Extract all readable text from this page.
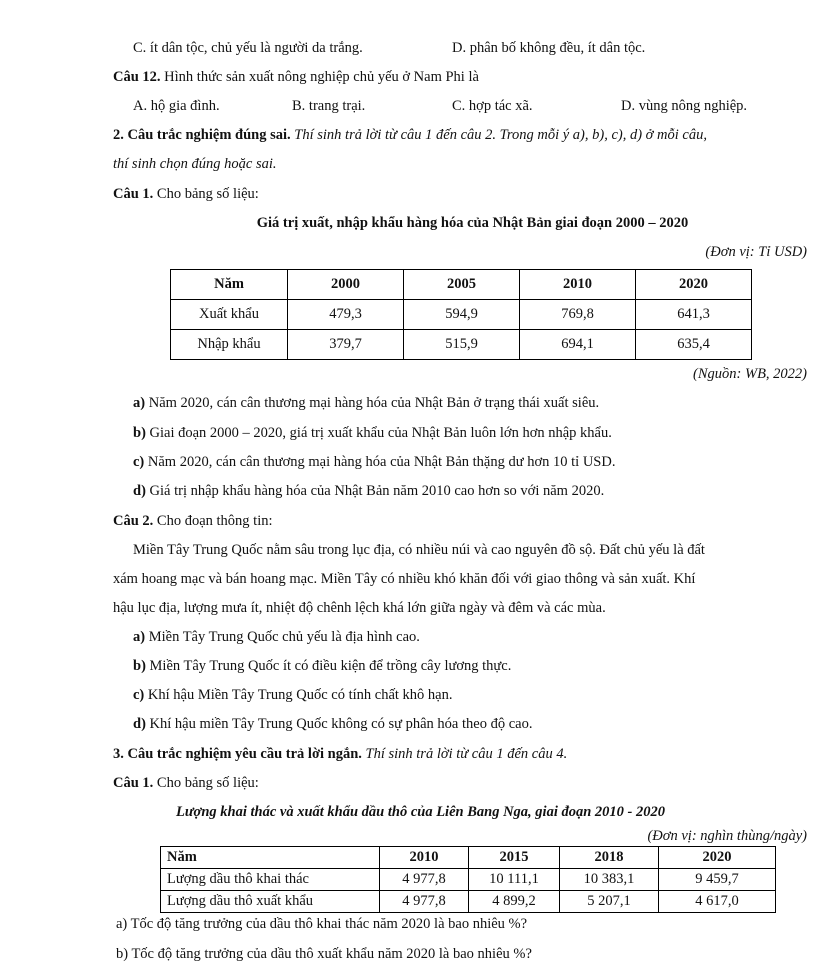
C. ít dân tộc, chủ yếu là người da trắng.	D. phân bố không đều, ít dân tộc.
Câu 12. Hình thức sản xuất nông nghiệp chủ yếu ở Nam Phi là
A. hộ gia đình.	B. trang trại.	C. hợp tác xã.	D. vùng nông nghiệp.
2. Câu trắc nghiệm đúng sai. Thí sinh trả lời từ câu 1 đến câu 2. Trong mỗi ý a), b), c), d) ở mỗi câu,
thí sinh chọn đúng hoặc sai.
Câu 1. Cho bảng số liệu:
Giá trị xuất, nhập khẩu hàng hóa của Nhật Bản giai đoạn 2000 – 2020
(Đơn vị: Tỉ USD)
Năm	2000	2005	2010	2020
Xuất khẩu	479,3	594,9	769,8	641,3
Nhập khẩu	379,7	515,9	694,1	635,4
(Nguồn: WB, 2022)
a) Năm 2020, cán cân thương mại hàng hóa của Nhật Bản ở trạng thái xuất siêu.
b) Giai đoạn 2000 – 2020, giá trị xuất khẩu của Nhật Bản luôn lớn hơn nhập khẩu.
c) Năm 2020, cán cân thương mại hàng hóa của Nhật Bản thặng dư hơn 10 tỉ USD.
d) Giá trị nhập khẩu hàng hóa của Nhật Bản năm 2010 cao hơn so với năm 2020.
Câu 2. Cho đoạn thông tin:
Miền Tây Trung Quốc nằm sâu trong lục địa, có nhiều núi và cao nguyên đồ sộ. Đất chủ yếu là đất
xám hoang mạc và bán hoang mạc. Miền Tây có nhiều khó khăn đối với giao thông và sản xuất. Khí
hậu lục địa, lượng mưa ít, nhiệt độ chênh lệch khá lớn giữa ngày và đêm và các mùa.
a) Miền Tây Trung Quốc chủ yếu là địa hình cao.
b) Miền Tây Trung Quốc ít có điều kiện để trồng cây lương thực.
c) Khí hậu Miền Tây Trung Quốc có tính chất khô hạn.
d) Khí hậu miền Tây Trung Quốc không có sự phân hóa theo độ cao.
3. Câu trắc nghiệm yêu cầu trả lời ngắn. Thí sinh trả lời từ câu 1 đến câu 4.
Câu 1. Cho bảng số liệu:
Lượng khai thác và xuất khẩu dầu thô của Liên Bang Nga, giai đoạn 2010 - 2020
(Đơn vị: nghìn thùng/ngày)
Năm	2010	2015	2018	2020
Lượng dầu thô khai thác	4 977,8	10 111,1	10 383,1	9 459,7
Lượng dầu thô xuất khẩu	4 977,8	4 899,2	5 207,1	4 617,0
a) Tốc độ tăng trưởng của dầu thô khai thác năm 2020 là bao nhiêu %?
b) Tốc độ tăng trưởng của dầu thô xuất khẩu năm 2020 là bao nhiêu %?
